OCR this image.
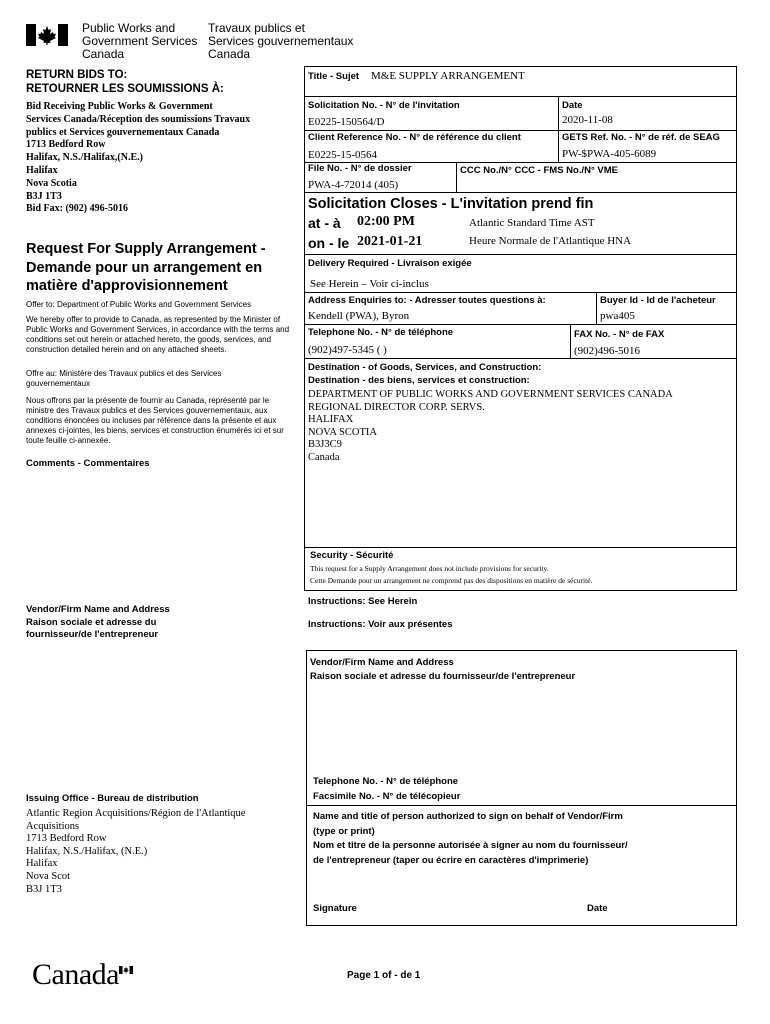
Public Works and
Government Services
Canada
Travaux publics et
Services gouvernementaux
Canada
RETURN BIDS TO:
RETOURNER LES SOUMISSIONS À:
Bid Receiving Public Works & Government
Services Canada/Réception des soumissions Travaux
publics et Services gouvernementaux Canada
1713 Bedford Row
Halifax, N.S./Halifax,(N.E.)
Halifax
Nova Scotia
B3J 1T3
Bid Fax: (902) 496-5016
Request For Supply Arrangement -
Demande pour un arrangement en
matière d'approvisionnement
Offer to: Department of Public Works and Government Services
We hereby offer to provide to Canada, as represented by the Minister of Public Works and Government Services, in accordance with the terms and conditions set out herein or attached hereto, the goods, services, and construction detailed herein and on any attached sheets.
Offre au: Ministère des Travaux publics et des Services gouvernementaux
Nous offrons par la présente de fournir au Canada, représenté par le ministre des Travaux publics et des Services gouvernementaux, aux conditions énoncées ou incluses par référence dans la présente et aux annexes ci-jointes, les biens, services et construction énumérés ici et sur toute feuille ci-annexée.
Comments - Commentaires
Vendor/Firm Name and Address
Raison sociale et adresse du
fournisseur/de l'entrepreneur
Issuing Office - Bureau de distribution
Atlantic Region Acquisitions/Région de l'Atlantique
Acquisitions
1713 Bedford Row
Halifax, N.S./Halifax, (N.E.)
Halifax
Nova Scot
B3J 1T3
Title - Sujet M&E SUPPLY ARRANGEMENT
Solicitation No. - N° de l'invitation
E0225-150564/D
Date
2020-11-08
Client Reference No. - N° de référence du client
E0225-15-0564
GETS Ref. No. - N° de réf. de SEAG
PW-$PWA-405-6089
File No. - N° de dossier
PWA-4-72014 (405)
CCC No./N° CCC - FMS No./N° VME
Solicitation Closes - L'invitation prend fin
at - à 02:00 PM	Atlantic Standard Time AST
on - le 2021-01-21	Heure Normale de l'Atlantique HNA
Delivery Required - Livraison exigée
See Herein – Voir ci-inclus
Address Enquiries to: - Adresser toutes questions à:
Kendell (PWA), Byron
Buyer Id - Id de l'acheteur
pwa405
Telephone No. - N° de téléphone
(902)497-5345 ( )
FAX No. - N° de FAX
(902)496-5016
Destination - of Goods, Services, and Construction:
Destination - des biens, services et construction:
DEPARTMENT OF PUBLIC WORKS AND GOVERNMENT SERVICES CANADA
REGIONAL DIRECTOR CORP. SERVS.
HALIFAX
NOVA SCOTIA
B3J3C9
Canada
Security - Sécurité
This request for a Supply Arrangement does not include provisions for security.
Cette Demande pour un arrangement ne comprend pas des dispositions en matière de sécurité.
Instructions: See Herein
Instructions: Voir aux présentes
Vendor/Firm Name and Address
Raison sociale et adresse du fournisseur/de l'entrepreneur
Telephone No. - N° de téléphone
Facsimile No. - N° de télécopieur
Name and title of person authorized to sign on behalf of Vendor/Firm
(type or print)
Nom et titre de la personne autorisée à signer au nom du fournisseur/
de l'entrepreneur (taper ou écrire en caractères d'imprimerie)
Signature	Date
Canada	Page 1 of - de 1
